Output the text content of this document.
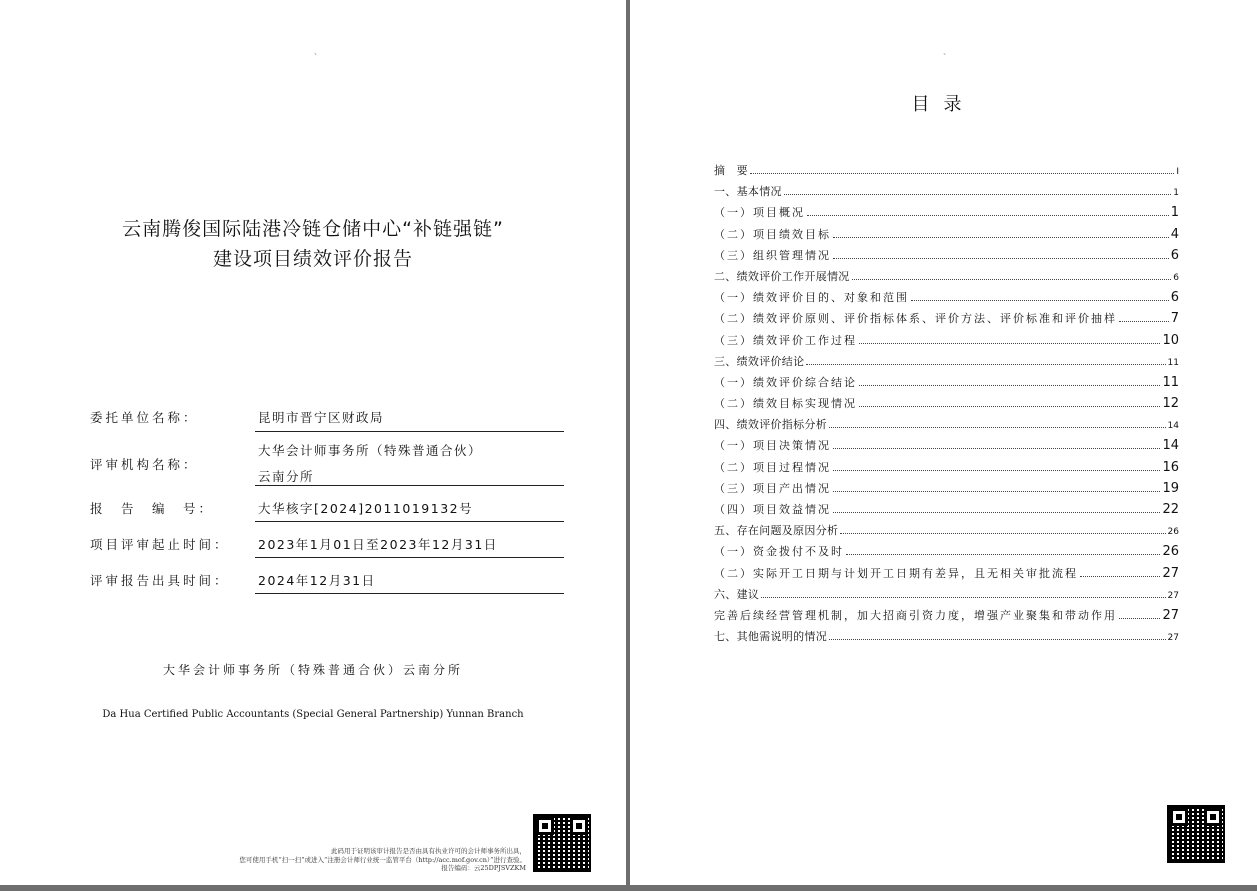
、
云南腾俊国际陆港冷链仓储中心“补链强链”
建设项目绩效评价报告
委托单位名称：	昆明市晋宁区财政局
评审机构名称：
大华会计师事务所（特殊普通合伙）
云南分所
报　告　编　号：	大华核字[2024]2011019132号
项目评审起止时间：	2023年1月01日至2023年12月31日
评审报告出具时间：	2024年12月31日
大华会计师事务所（特殊普通合伙）云南分所
Da Hua Certified Public Accountants (Special General Partnership) Yunnan Branch
此码用于证明该审计报告是否由具有执业许可的会计师事务所出具，
您可使用手机“扫一扫”或进入“注册会计师行业统一监管平台（http://acc.mof.gov.cn）”进行查验。
报告编码：云25DPJSVZKM
、
目录
摘　要	I
一、基本情况	1
（一）项目概况	1
（二）项目绩效目标	4
（三）组织管理情况	6
二、绩效评价工作开展情况	6
（一）绩效评价目的、对象和范围	6
（二）绩效评价原则、评价指标体系、评价方法、评价标准和评价抽样	7
（三）绩效评价工作过程	10
三、绩效评价结论	11
（一）绩效评价综合结论	11
（二）绩效目标实现情况	12
四、绩效评价指标分析	14
（一）项目决策情况	14
（二）项目过程情况	16
（三）项目产出情况	19
（四）项目效益情况	22
五、存在问题及原因分析	26
（一）资金拨付不及时	26
（二）实际开工日期与计划开工日期有差异，且无相关审批流程	27
六、建议	27
完善后续经营管理机制，加大招商引资力度，增强产业聚集和带动作用	27
七、其他需说明的情况	27
